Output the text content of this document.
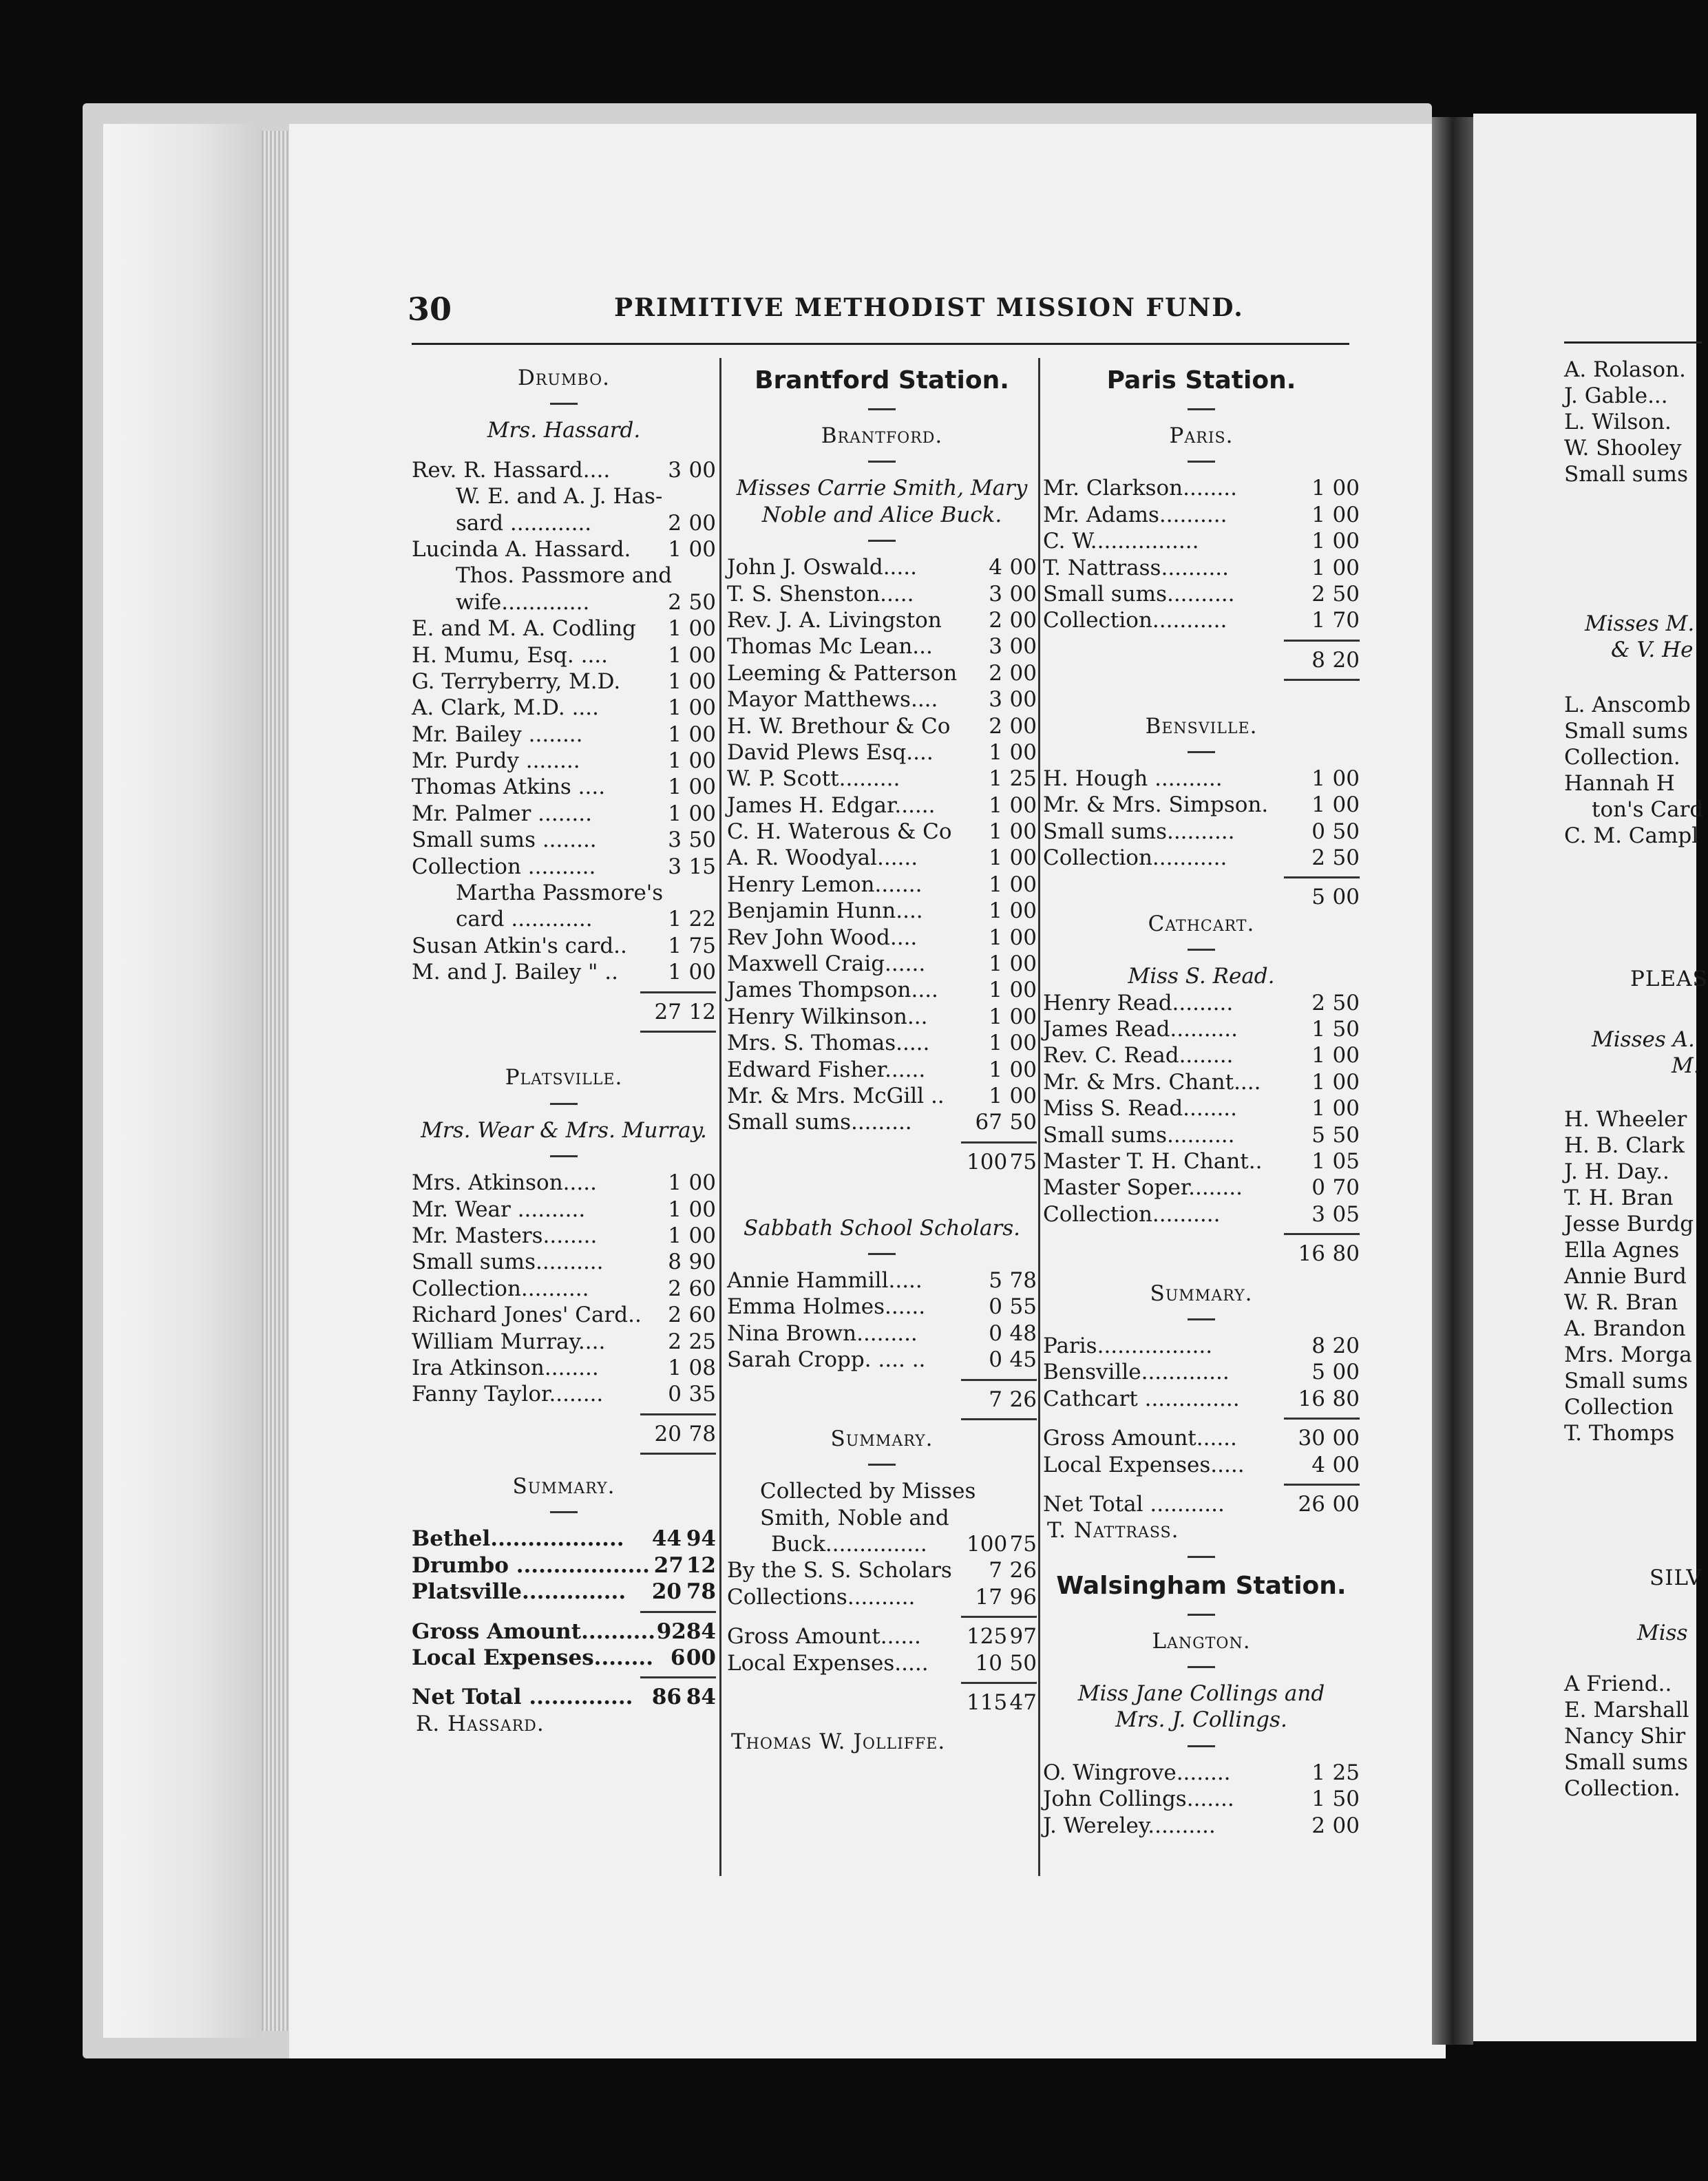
30	PRIMITIVE METHODIST MISSION FUND.
Drumbo.
Mrs. Hassard.
Rev. R. Hassard....	3 00
W. E. and A. J. Has-
sard ............	2 00
Lucinda A. Hassard.	1 00
Thos. Passmore and
wife.............	2 50
E. and M. A. Codling	1 00
H. Mumu, Esq. ....	1 00
G. Terryberry, M.D.	1 00
A. Clark, M.D. ....	1 00
Mr. Bailey ........	1 00
Mr. Purdy ........	1 00
Thomas Atkins ....	1 00
Mr. Palmer ........	1 00
Small sums ........	3 50
Collection ..........	3 15
Martha Passmore's
card ............	1 22
Susan Atkin's card..	1 75
M. and J. Bailey " ..	1 00
27 12
Platsville.
Mrs. Wear & Mrs. Murray.
Mrs. Atkinson.....	1 00
Mr. Wear ..........	1 00
Mr. Masters........	1 00
Small sums..........	8 90
Collection..........	2 60
Richard Jones' Card..	2 60
William Murray....	2 25
Ira Atkinson........	1 08
Fanny Taylor........	0 35
20 78
Summary.
Bethel..................	44 94
Drumbo .................. 27 12
Platsville..............	20 78
Gross Amount.......... 92 84
Local Expenses........ 6 00
Net Total .............. 86 84
R. Hassard.
Brantford Station.
Brantford.
Misses Carrie Smith, Mary
Noble and Alice Buck.
John J. Oswald.....	4 00
T. S. Shenston.....	3 00
Rev. J. A. Livingston	2 00
Thomas Mc Lean...	3 00
Leeming & Patterson	2 00
Mayor Matthews....	3 00
H. W. Brethour & Co	2 00
David Plews Esq....	1 00
W. P. Scott.........	1 25
James H. Edgar......	1 00
C. H. Waterous & Co	1 00
A. R. Woodyal......	1 00
Henry Lemon.......	1 00
Benjamin Hunn....	1 00
Rev John Wood....	1 00
Maxwell Craig......	1 00
James Thompson....	1 00
Henry Wilkinson...	1 00
Mrs. S. Thomas.....	1 00
Edward Fisher......	1 00
Mr. & Mrs. McGill ..	1 00
Small sums.........	67 50
100 75
Sabbath School Scholars.
Annie Hammill.....	5 78
Emma Holmes......	0 55
Nina Brown.........	0 48
Sarah Cropp. .... ..	0 45
7 26
Summary.
Collected by Misses
Smith, Noble and
Buck...............	100 75
By the S. S. Scholars	7 26
Collections..........	17 96
Gross Amount......	125 97
Local Expenses.....	10 50
115 47
Thomas W. Jolliffe.
Paris Station.
Paris.
Mr. Clarkson........	1 00
Mr. Adams..........	1 00
C. W................	1 00
T. Nattrass..........	1 00
Small sums..........	2 50
Collection...........	1 70
8 20
Bensville.
H. Hough ..........	1 00
Mr. & Mrs. Simpson.	1 00
Small sums..........	0 50
Collection...........	2 50
5 00
Cathcart.
Miss S. Read.
Henry Read.........	2 50
James Read..........	1 50
Rev. C. Read........	1 00
Mr. & Mrs. Chant....	1 00
Miss S. Read........	1 00
Small sums..........	5 50
Master T. H. Chant..	1 05
Master Soper........	0 70
Collection..........	3 05
16 80
Summary.
Paris.................	8 20
Bensville.............	5 00
Cathcart ..............	16 80
Gross Amount......	30 00
Local Expenses.....	4 00
Net Total ...........	26 00
T. Nattrass.
Walsingham Station.
Langton.
Miss Jane Collings and
Mrs. J. Collings.
O. Wingrove........	1 25
John Collings.......	1 50
J. Wereley..........	2 00
A. Rolason.
J. Gable...
L. Wilson.
W. Shooley
Small sums
Misses M.
& V. He
L. Anscomb
Small sums
Collection.
Hannah H
ton's Card
C. M. Campl
PLEAS
Misses A.
M.
H. Wheeler
H. B. Clark
J. H. Day..
T. H. Bran
Jesse Burdg
Ella Agnes
Annie Burd
W. R. Bran
A. Brandon
Mrs. Morga
Small sums
Collection
T. Thomps
SILV
Miss
A Friend..
E. Marshall
Nancy Shir
Small sums
Collection.
